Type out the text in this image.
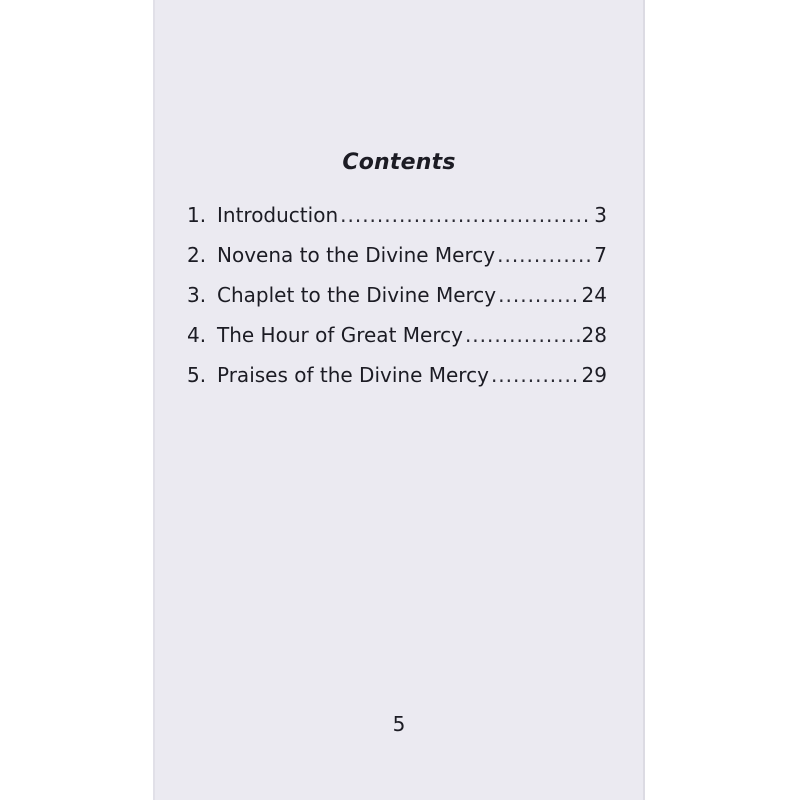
Contents
1. Introduction .....	3
2. Novena to the Divine Mercy .....	7
3. Chaplet to the Divine Mercy .....	24
4. The Hour of Great Mercy .....	28
5. Praises of the Divine Mercy .....	29
5
